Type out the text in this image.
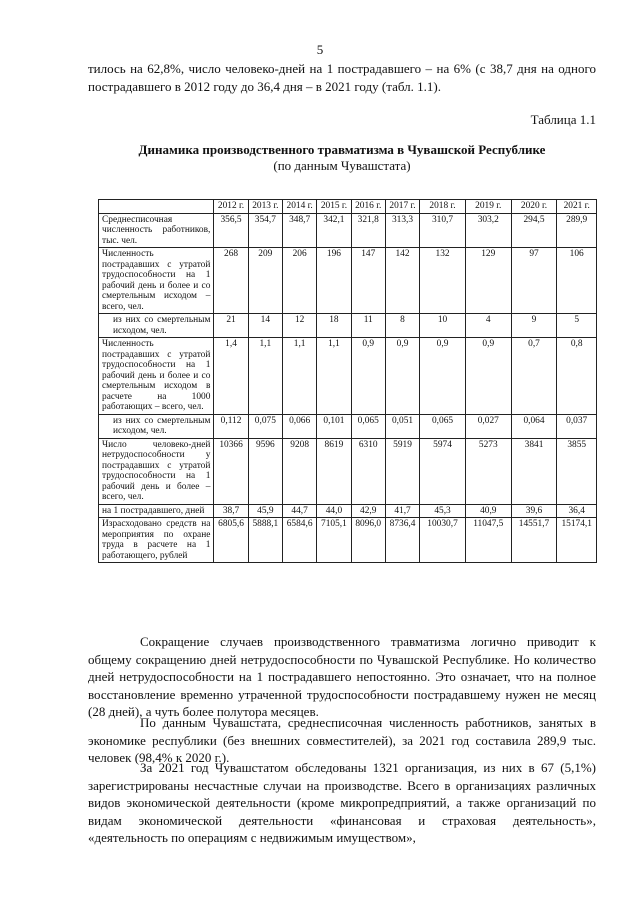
5
тилось на 62,8%, число человеко-дней на 1 пострадавшего – на 6% (с 38,7 дня на одного пострадавшего в 2012 году до 36,4 дня – в 2021 году (табл. 1.1).
Таблица 1.1
Динамика производственного травматизма в Чувашской Республике
(по данным Чувашстата)
	2012 г.	2013 г.	2014 г.	2015 г.	2016 г.	2017 г.	2018 г.	2019 г.	2020 г.	2021 г.
Среднесписочная численность работников, тыс. чел.	356,5	354,7	348,7	342,1	321,8	313,3	310,7	303,2	294,5	289,9
Численность пострадавших с утратой трудоспособности на 1 рабочий день и более и со смертельным исходом – всего, чел.	268	209	206	196	147	142	132	129	97	106
из них со смертельным исходом, чел.	21	14	12	18	11	8	10	4	9	5
Численность пострадавших с утратой трудоспособности на 1 рабочий день и более и со смертельным исходом в расчете на 1000 работающих – всего, чел.	1,4	1,1	1,1	1,1	0,9	0,9	0,9	0,9	0,7	0,8
из них со смертельным исходом, чел.	0,112	0,075	0,066	0,101	0,065	0,051	0,065	0,027	0,064	0,037
Число человеко-дней нетрудоспособности у пострадавших с утратой трудоспособности на 1 рабочий день и более – всего, чел.	10366	9596	9208	8619	6310	5919	5974	5273	3841	3855
на 1 пострадавшего, дней	38,7	45,9	44,7	44,0	42,9	41,7	45,3	40,9	39,6	36,4
Израсходовано средств на мероприятия по охране труда в расчете на 1 работающего, рублей	6805,6	5888,1	6584,6	7105,1	8096,0	8736,4	10030,7	11047,5	14551,7	15174,1
Сокращение случаев производственного травматизма логично приводит к общему сокращению дней нетрудоспособности по Чувашской Республике. Но количество дней нетрудоспособности на 1 пострадавшего непостоянно. Это означает, что на полное восстановление временно утраченной трудоспособности пострадавшему нужен не месяц (28 дней), а чуть более полутора месяцев.
По данным Чувашстата, среднесписочная численность работников, занятых в экономике республики (без внешних совместителей), за 2021 год составила 289,9 тыс. человек (98,4% к 2020 г.).
За 2021 год Чувашстатом обследованы 1321 организация, из них в 67 (5,1%) зарегистрированы несчастные случаи на производстве. Всего в организациях различных видов экономической деятельности (кроме микропредприятий, а также организаций по видам экономической деятельности «финансовая и страховая деятельность», «деятельность по операциям с недвижимым имуществом»,
